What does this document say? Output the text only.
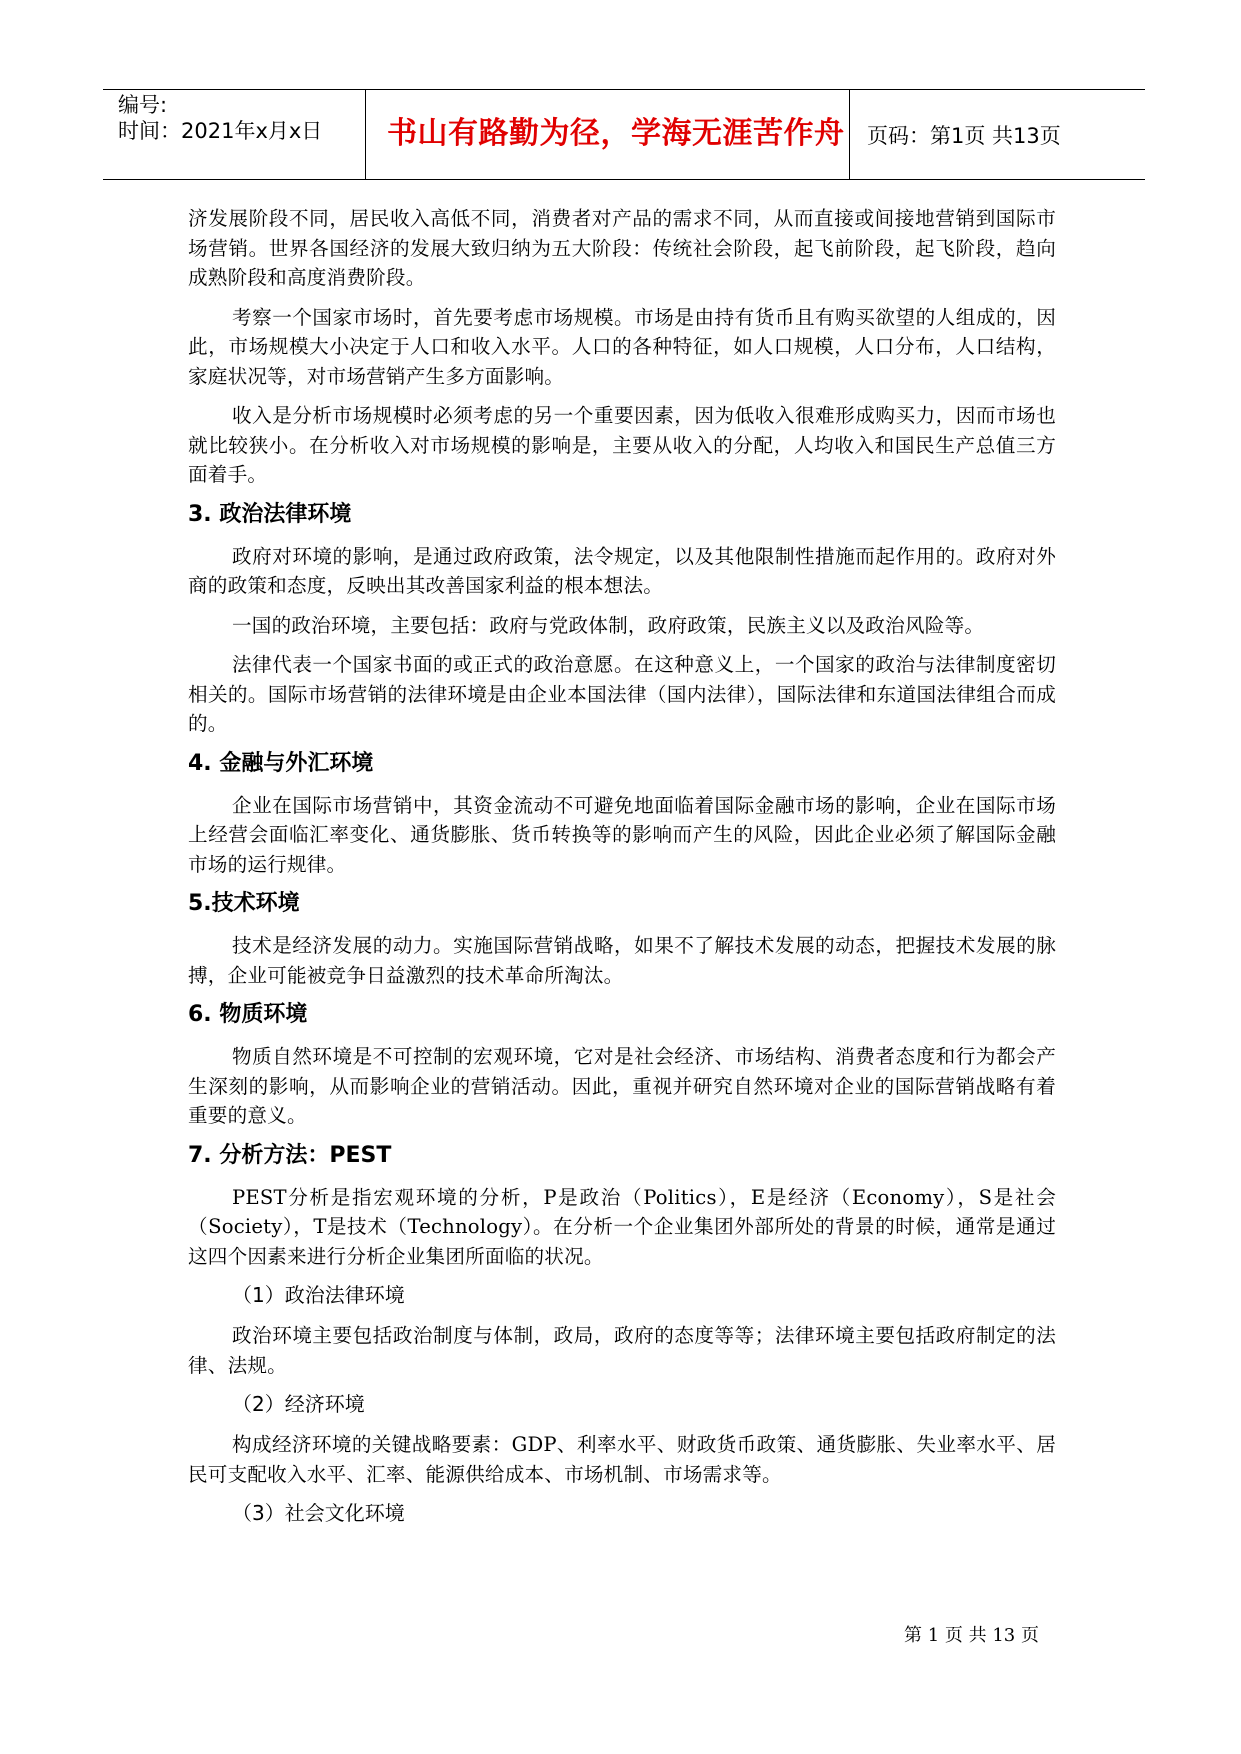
编号:
时间：2021年x月x日 书山有路勤为径，学海无涯苦作舟 页码：第1页 共13页

济发展阶段不同，居民收入高低不同，消费者对产品的需求不同，从而直接或间接地营销到国际市场营销。世界各国经济的发展大致归纳为五大阶段：传统社会阶段，起飞前阶段，起飞阶段，趋向成熟阶段和高度消费阶段。

考察一个国家市场时，首先要考虑市场规模。市场是由持有货币且有购买欲望的人组成的，因此，市场规模大小决定于人口和收入水平。人口的各种特征，如人口规模，人口分布，人口结构，家庭状况等，对市场营销产生多方面影响。

收入是分析市场规模时必须考虑的另一个重要因素，因为低收入很难形成购买力，因而市场也就比较狭小。在分析收入对市场规模的影响是，主要从收入的分配，人均收入和国民生产总值三方面着手。

3. 政治法律环境

政府对环境的影响，是通过政府政策，法令规定，以及其他限制性措施而起作用的。政府对外商的政策和态度，反映出其改善国家利益的根本想法。

一国的政治环境，主要包括：政府与党政体制，政府政策，民族主义以及政治风险等。

法律代表一个国家书面的或正式的政治意愿。在这种意义上，一个国家的政治与法律制度密切相关的。国际市场营销的法律环境是由企业本国法律（国内法律），国际法律和东道国法律组合而成的。

4. 金融与外汇环境

企业在国际市场营销中，其资金流动不可避免地面临着国际金融市场的影响，企业在国际市场上经营会面临汇率变化、通货膨胀、货币转换等的影响而产生的风险，因此企业必须了解国际金融市场的运行规律。

5.技术环境

技术是经济发展的动力。实施国际营销战略，如果不了解技术发展的动态，把握技术发展的脉搏，企业可能被竞争日益激烈的技术革命所淘汰。

6. 物质环境

物质自然环境是不可控制的宏观环境，它对是社会经济、市场结构、消费者态度和行为都会产生深刻的影响，从而影响企业的营销活动。因此，重视并研究自然环境对企业的国际营销战略有着重要的意义。

7. 分析方法：PEST

PEST分析是指宏观环境的分析，P是政治（Politics），E是经济（Economy），S是社会（Society），T是技术（Technology）。在分析一个企业集团外部所处的背景的时候，通常是通过这四个因素来进行分析企业集团所面临的状况。

（1）政治法律环境

政治环境主要包括政治制度与体制，政局，政府的态度等等；法律环境主要包括政府制定的法律、法规。

（2）经济环境

构成经济环境的关键战略要素：GDP、利率水平、财政货币政策、通货膨胀、失业率水平、居民可支配收入水平、汇率、能源供给成本、市场机制、市场需求等。

（3）社会文化环境
第 1 页 共 13 页
